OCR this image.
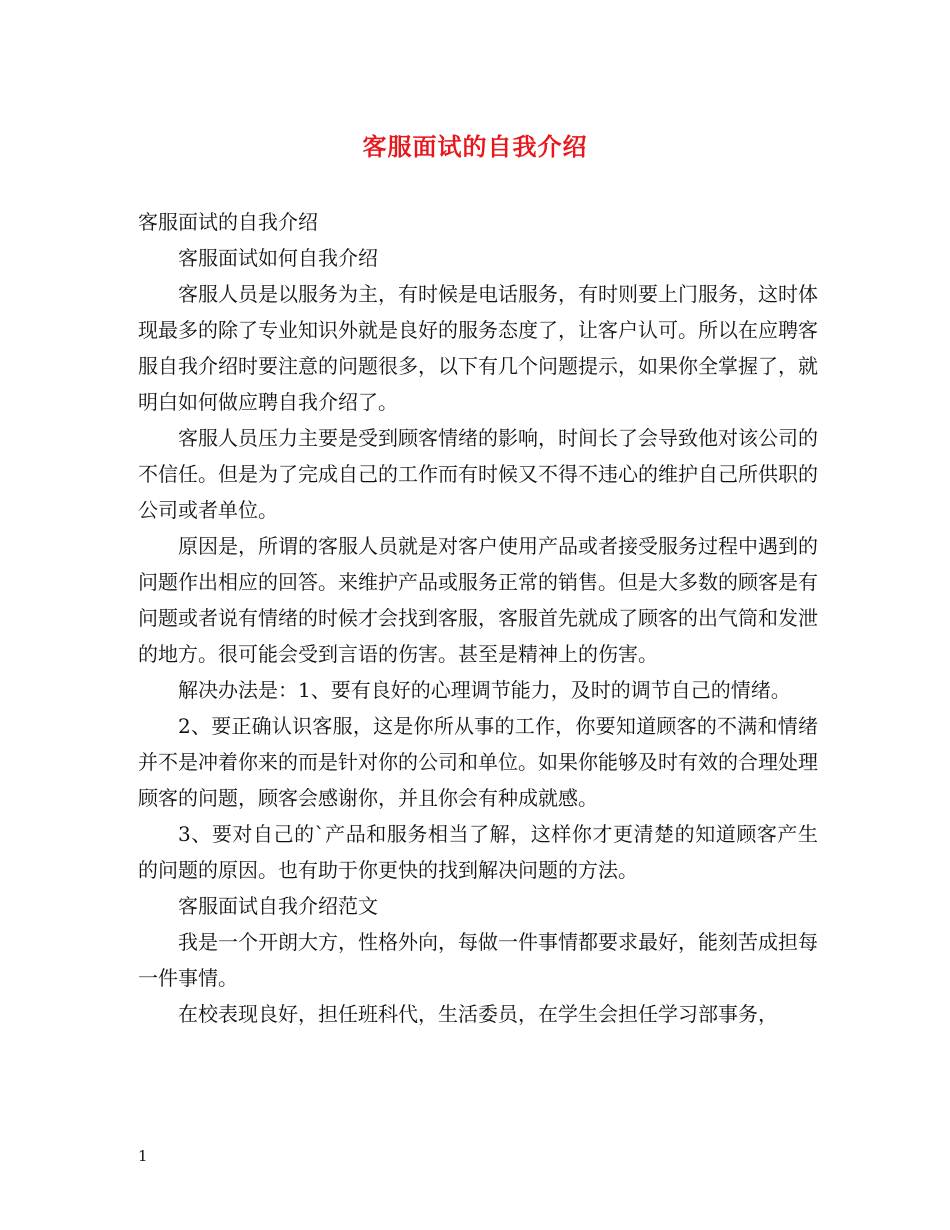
客服面试的自我介绍

客服面试的自我介绍

客服面试如何自我介绍

客服人员是以服务为主，有时候是电话服务，有时则要上门服务，这时体现最多的除了专业知识外就是良好的服务态度了，让客户认可。所以在应聘客服自我介绍时要注意的问题很多，以下有几个问题提示，如果你全掌握了，就明白如何做应聘自我介绍了。

客服人员压力主要是受到顾客情绪的影响，时间长了会导致他对该公司的不信任。但是为了完成自己的工作而有时候又不得不违心的维护自己所供职的公司或者单位。

原因是，所谓的客服人员就是对客户使用产品或者接受服务过程中遇到的问题作出相应的回答。来维护产品或服务正常的销售。但是大多数的顾客是有问题或者说有情绪的时候才会找到客服，客服首先就成了顾客的出气筒和发泄的地方。很可能会受到言语的伤害。甚至是精神上的伤害。

解决办法是：1、要有良好的心理调节能力，及时的调节自己的情绪。

2、要正确认识客服，这是你所从事的工作，你要知道顾客的不满和情绪并不是冲着你来的而是针对你的公司和单位。如果你能够及时有效的合理处理顾客的问题，顾客会感谢你，并且你会有种成就感。

3、要对自己的`产品和服务相当了解，这样你才更清楚的知道顾客产生的问题的原因。也有助于你更快的找到解决问题的方法。

客服面试自我介绍范文

我是一个开朗大方，性格外向，每做一件事情都要求最好，能刻苦成担每一件事情。

在校表现良好，担任班科代，生活委员，在学生会担任学习部事务，

1
